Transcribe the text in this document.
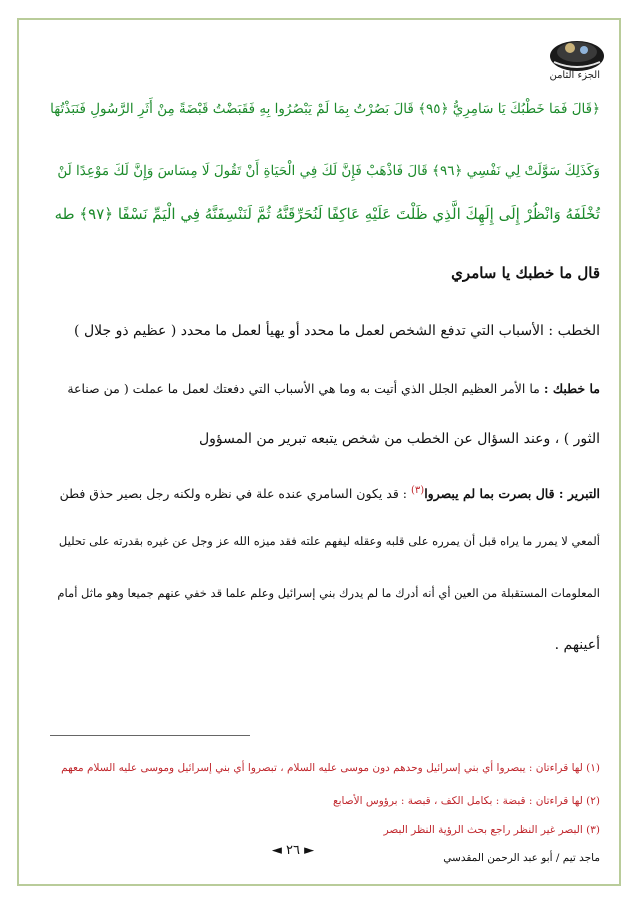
الجزء الثامن
﴿قَالَ فَمَا خَطْبُكَ يَا سَامِرِيُّ ﴿٩٥﴾ قَالَ بَصُرْتُ بِمَا لَمْ يَبْصُرُوا بِهِ فَقَبَضْتُ قَبْضَةً مِنْ أَثَرِ الرَّسُولِ فَنَبَذْتُهَا
وَكَذَلِكَ سَوَّلَتْ لِي نَفْسِي ﴿٩٦﴾ قَالَ فَاذْهَبْ فَإِنَّ لَكَ فِي الْحَيَاةِ أَنْ تَقُولَ لَا مِسَاسَ وَإِنَّ لَكَ مَوْعِدًا لَنْ
تُخْلَفَهُ وَانْظُرْ إِلَى إِلَهِكَ الَّذِي ظَلْتَ عَلَيْهِ عَاكِفًا لَنُحَرِّقَنَّهُ ثُمَّ لَنَنْسِفَنَّهُ فِي الْيَمِّ نَسْفًا ﴿٩٧﴾ طه
قال ما خطبك يا سامري
الخطب : الأسباب التي تدفع الشخص لعمل ما محدد أو يهيأ لعمل ما محدد ( عظيم ذو جلال )
ما خطبك : ما الأمر العظيم الجلل الذي أتيت به وما هي الأسباب التي دفعتك لعمل ما عملت ( من صناعة
الثور ) ، وعند السؤال عن الخطب من شخص يتبعه تبرير من المسؤول
التبرير : قال بصرت بما لم يبصروا$^{(٣)}$ : قد يكون السامري عنده علة في نظره ولكنه رجل بصير حذق فطن
ألمعي لا يمرر ما يراه قبل أن يمرره على قلبه وعقله ليفهم علته فقد ميزه الله عز وجل عن غيره بقدرته على تحليل
المعلومات المستقبلة من العين أي أنه أدرك ما لم يدرك بني إسرائيل وعلم علما قد خفي عنهم جميعا وهو ماثل أمام
أعينهم .
(١) لها قراءتان : يبصروا أي بني إسرائيل وحدهم دون موسى عليه السلام ، تبصروا أي بني إسرائيل وموسى عليه السلام معهم
(٢) لها قراءتان : قبضة : بكامل الكف ، قبصة : برؤوس الأصابع
(٣) البصر غير النظر راجع بحث الرؤية النظر البصر
◄ ٢٦ ►	ماجد تيم / أبو عبد الرحمن المقدسي
